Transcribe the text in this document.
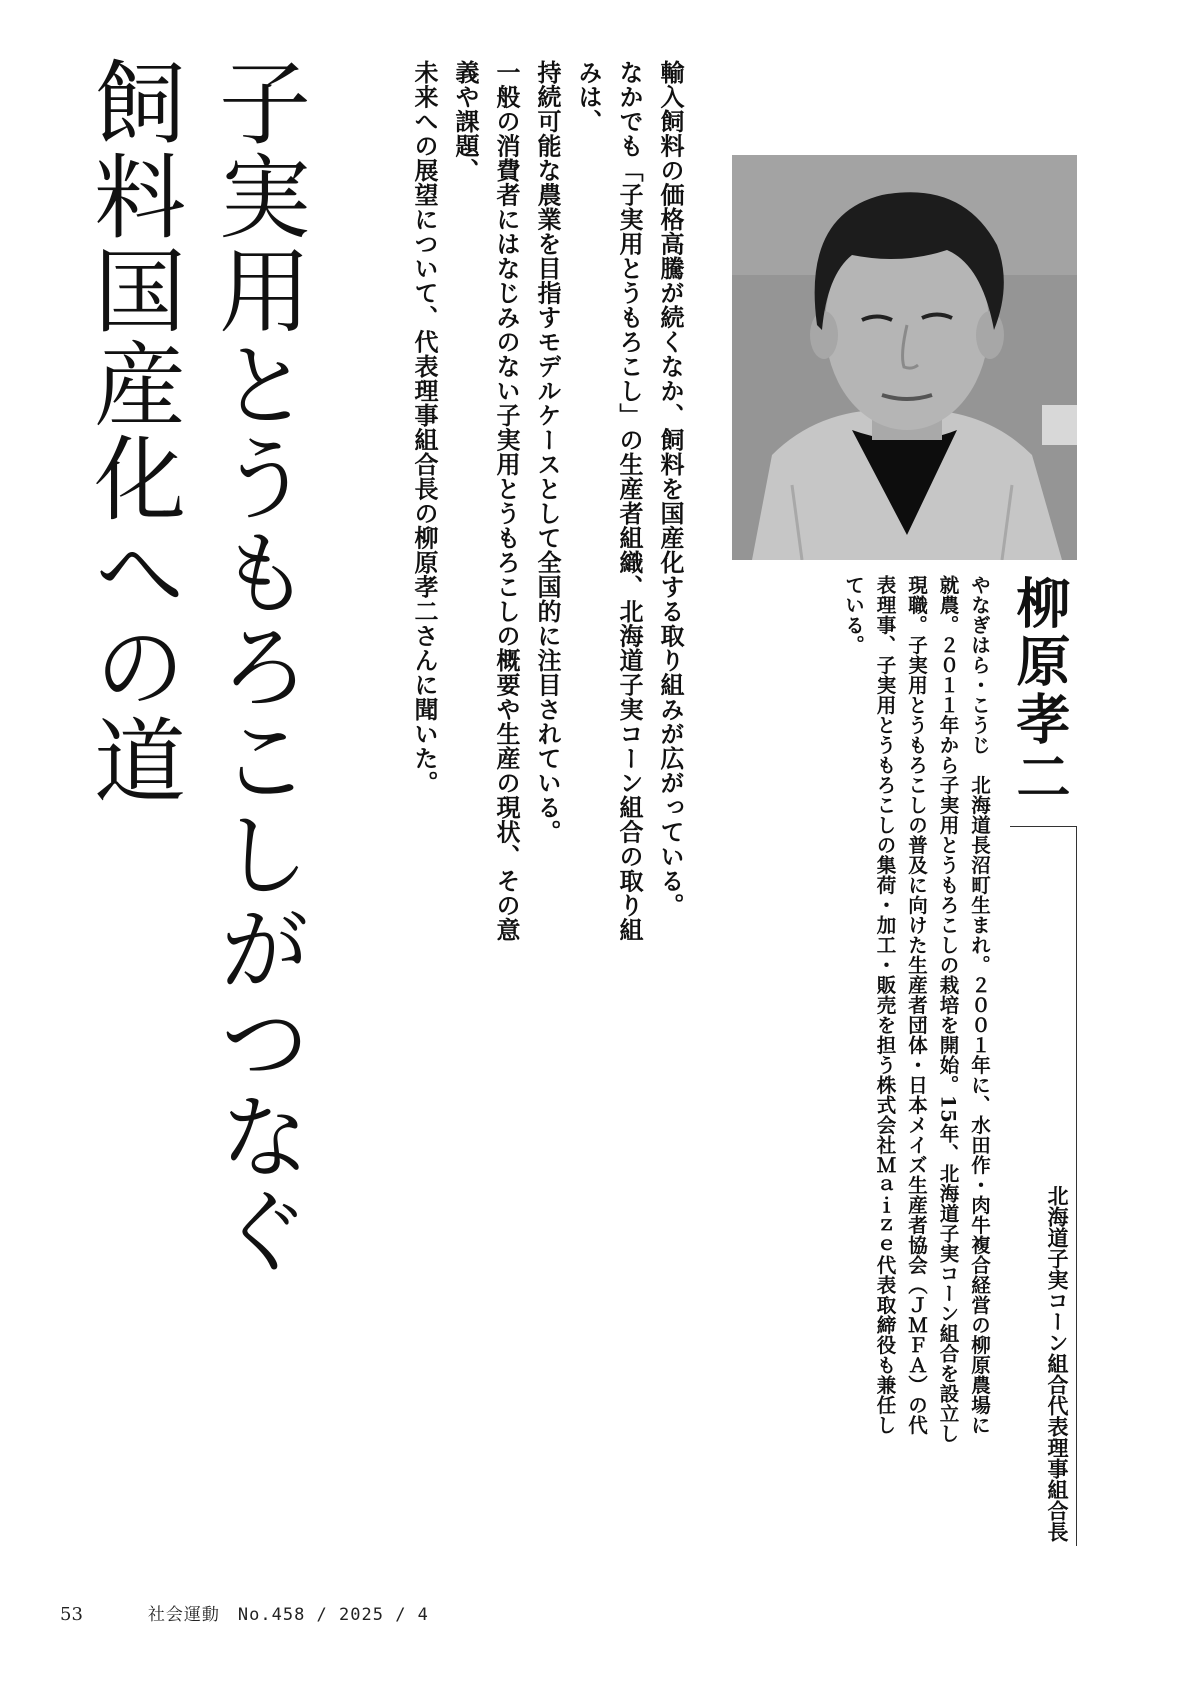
子実用とうもろこしがつなぐ
飼料国産化への道	輸入飼料の価格高騰が続くなか、飼料を国産化する取り組みが広がっている。
なかでも「子実用とうもろこし」の生産者組織、北海道子実コーン組合の取り組みは、
持続可能な農業を目指すモデルケースとして全国的に注目されている。
一般の消費者にはなじみのない子実用とうもろこしの概要や生産の現状、その意義や課題、
未来への展望について、代表理事組合長の柳原孝二さんに聞いた。	柳原孝二
北海道子実コーン組合代表理事組合長
やなぎはら・こうじ　北海道長沼町生まれ。２００１年に、水田作・肉牛複合経営の柳原農場に
就農。２０１１年から子実用とうもろこしの栽培を開始。15年、北海道子実コーン組合を設立し
現職。子実用とうもろこしの普及に向けた生産者団体・日本メイズ生産者協会（ＪＭＦＡ）の代
表理事、子実用とうもろこしの集荷・加工・販売を担う株式会社Ｍａｉｚｅ代表取締役も兼任し
ている。
53	社会運動　No.458 / 2025 / 4
